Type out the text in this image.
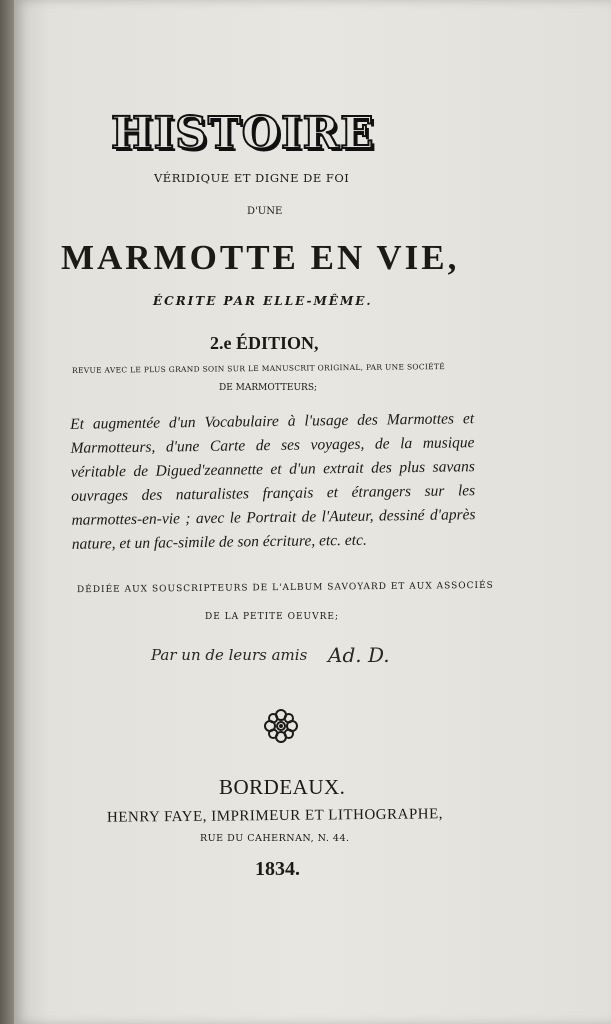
HISTOIRE
VÉRIDIQUE ET DIGNE DE FOI
D'UNE
MARMOTTE EN VIE,
ÉCRITE PAR ELLE-MÊME.
2.e ÉDITION,
REVUE AVEC LE PLUS GRAND SOIN SUR LE MANUSCRIT ORIGINAL, PAR UNE SOCIÉTÉ
DE MARMOTTEURS;
Et augmentée d'un Vocabulaire à l'usage des Marmottes et Marmotteurs, d'une Carte de ses voyages, de la musique véritable de Digued'zeannette et d'un extrait des plus savans ouvrages des naturalistes français et étrangers sur les marmottes-en-vie ; avec le Portrait de l'Auteur, dessiné d'après nature, et un fac-simile de son écriture, etc. etc.
DÉDIÉE AUX SOUSCRIPTEURS DE L'ALBUM SAVOYARD ET AUX ASSOCIÉS
DE LA PETITE OEUVRE;
Par un de leurs amis Ad. D.
BORDEAUX.
HENRY FAYE, IMPRIMEUR ET LITHOGRAPHE,
RUE DU CAHERNAN, N. 44.
1834.
